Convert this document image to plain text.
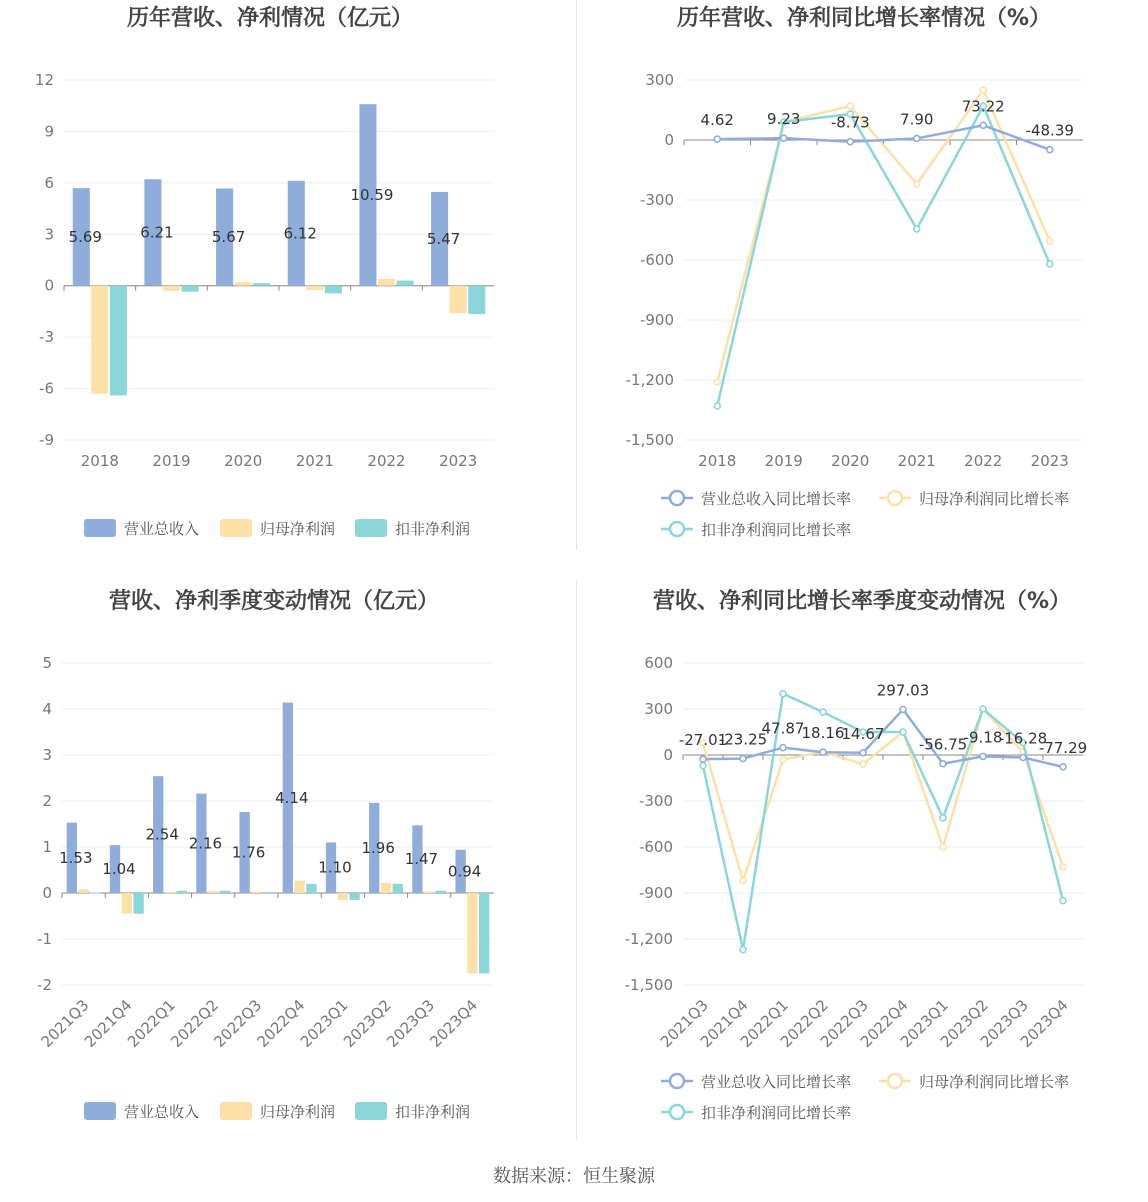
历年营收、净利情况（亿元）
12
9
6
3
0
-3
-6
-9
2018 2019 2020 2021 2022 2023
5.69	6.21	5.67	6.12
10.59
5.47
营业总收入	归母净利润	扣非净利润
历年营收、净利同比增长率情况（%）
300
0
-300
-600
-900
-1,200
-1,500
2018 2019 2020 2021 2022 2023
4.62 9.23 -8.73 7.90
73.22
-48.39
营业总收入同比增长率	归母净利润同比增长率
扣非净利润同比增长率
营收、净利季度变动情况（亿元）
5
4
3
2
1
0
-1
-2
2021Q3
2021Q4
2022Q1
2022Q2
2022Q3
2022Q4
2023Q1
2023Q2
2023Q3
2023Q4
1.53
1.04
2.54 2.16
1.76
4.14
1.10
1.96
1.47
0.94
营业总收入	归母净利润	扣非净利润
营收、净利同比增长率季度变动情况（%）
600
300
0
-300
-600
-900
-1,200
-1,500
2021Q3
2021Q4
2022Q1
2022Q2
2022Q3
2022Q4
2023Q1
2023Q2
2023Q3
2023Q4
-27.01
-23.25
47.87
18.16
14.67
297.03
-56.75
-9.18
-16.28
-77.29
营业总收入同比增长率	归母净利润同比增长率
扣非净利润同比增长率
数据来源：恒生聚源
